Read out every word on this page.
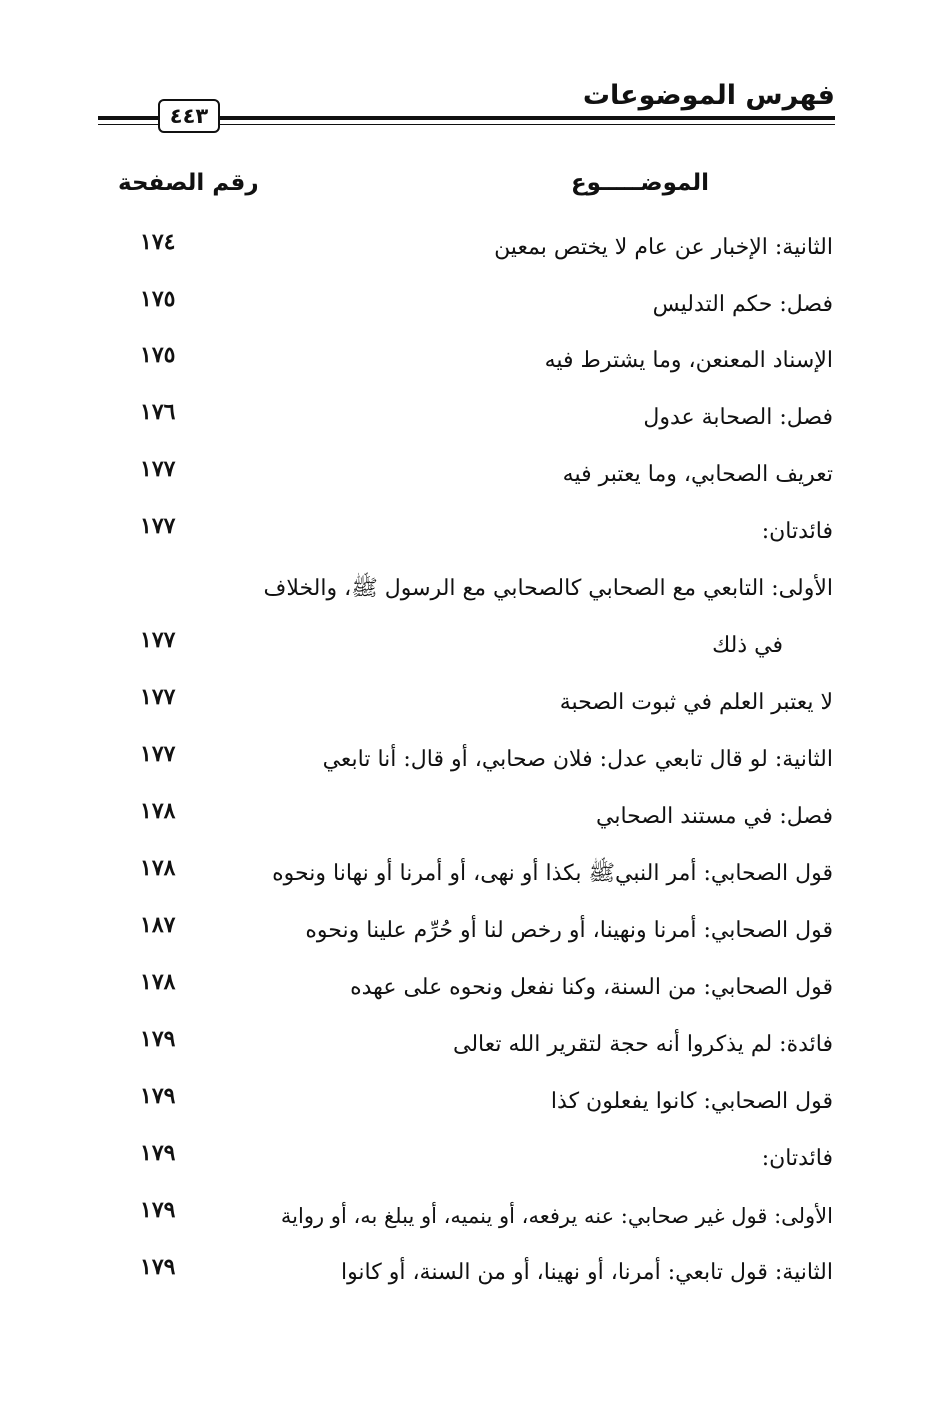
فهرس الموضوعات
٤٤٣
الموضـــــوع
رقم الصفحة
الثانية: الإخبار عن عام لا يختص بمعين
١٧٤
فصل: حكم التدليس
١٧٥
الإسناد المعنعن، وما يشترط فيه
١٧٥
فصل: الصحابة عدول
١٧٦
تعريف الصحابي، وما يعتبر فيه
١٧٧
فائدتان:
١٧٧
الأولى: التابعي مع الصحابي كالصحابي مع الرسول ﷺ، والخلاف
في ذلك
١٧٧
لا يعتبر العلم في ثبوت الصحبة
١٧٧
الثانية: لو قال تابعي عدل: فلان صحابي، أو قال: أنا تابعي
١٧٧
فصل: في مستند الصحابي
١٧٨
قول الصحابي: أمر النبيﷺ بكذا أو نهى، أو أمرنا أو نهانا ونحوه
١٧٨
قول الصحابي: أمرنا ونهينا، أو رخص لنا أو حُرِّم علينا ونحوه
١٨٧
قول الصحابي: من السنة، وكنا نفعل ونحوه على عهده
١٧٨
فائدة: لم يذكروا أنه حجة لتقرير الله تعالى
١٧٩
قول الصحابي: كانوا يفعلون كذا
١٧٩
فائدتان:
١٧٩
الأولى: قول غير صحابي: عنه يرفعه، أو ينميه، أو يبلغ به، أو رواية
١٧٩
الثانية: قول تابعي: أمرنا، أو نهينا، أو من السنة، أو كانوا
١٧٩
